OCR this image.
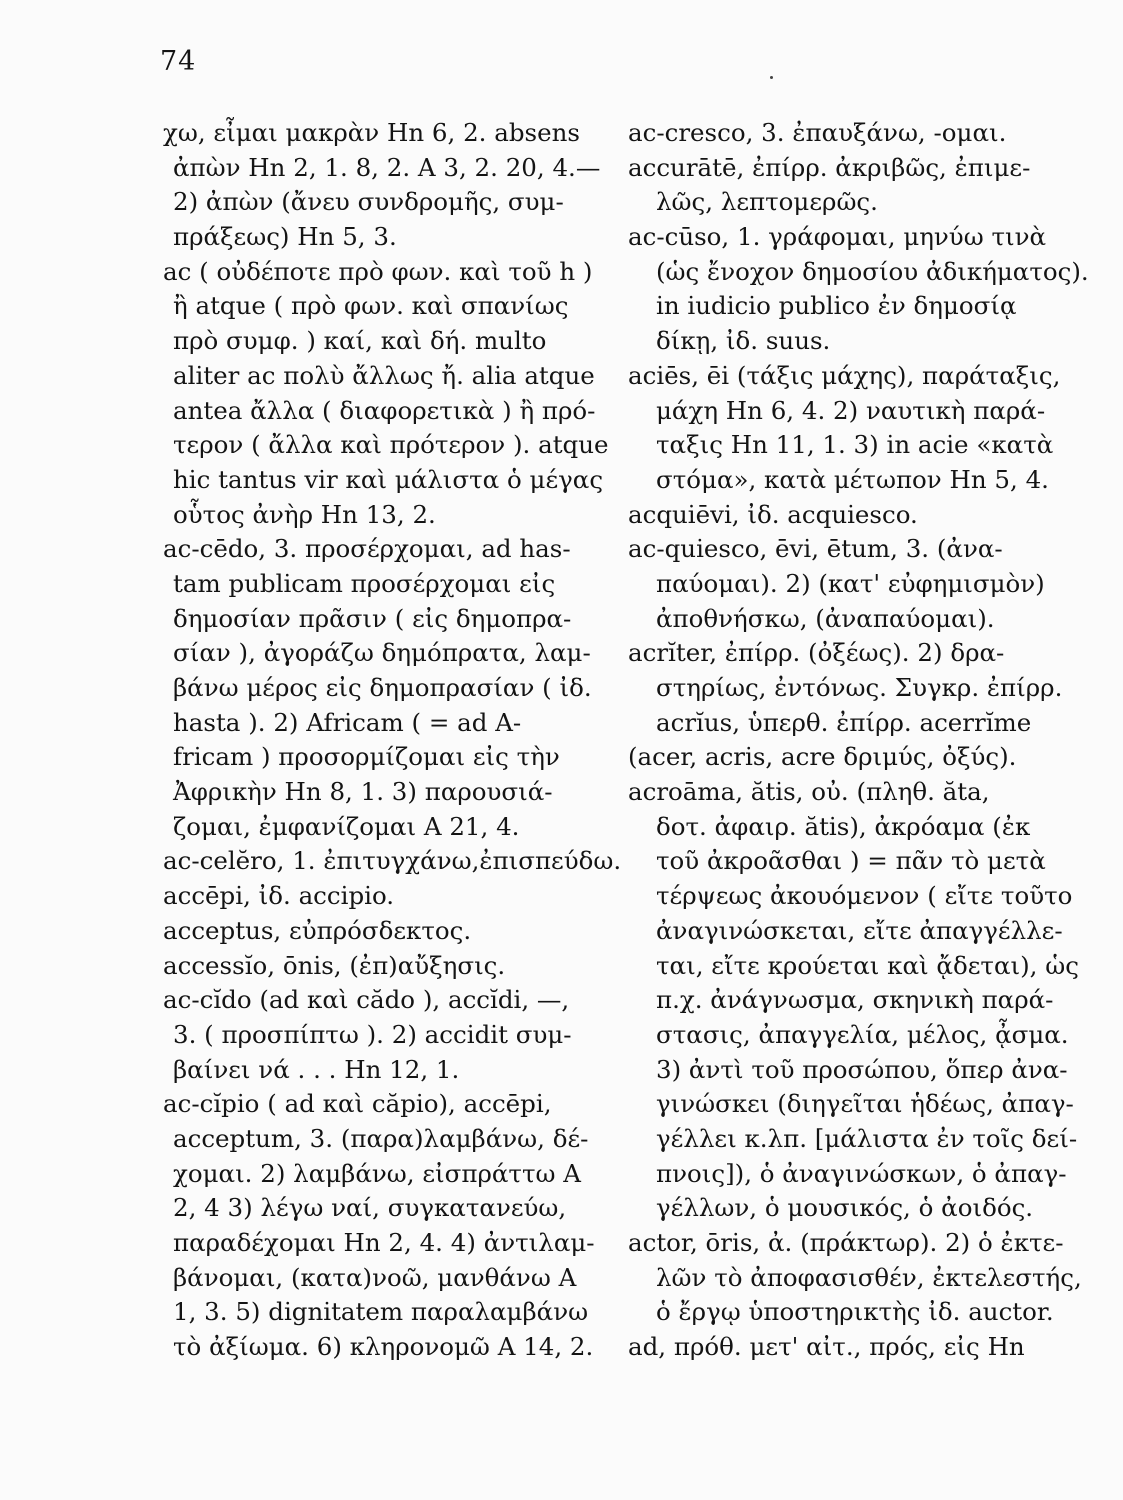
74
χω, εἶμαι μακρὰν Hn 6, 2. absens
ἀπὼν Hn 2, 1. 8, 2. A 3, 2. 20, 4.—
2) ἀπὼν (ἄνευ συνδρομῆς, συμ-
πράξεως) Hn 5, 3.
ac ( οὐδέποτε πρὸ φων. καὶ τοῦ h )
ἢ atque ( πρὸ φων. καὶ σπανίως
πρὸ συμφ. ) καί, καὶ δή. multo
aliter ac πολὺ ἄλλως ἤ. alia atque
antea ἄλλα ( διαφορετικὰ ) ἢ πρό-
τερον ( ἄλλα καὶ πρότερον ). atque
hic tantus vir καὶ μάλιστα ὁ μέγας
οὗτος ἀνὴρ Hn 13, 2.
ac-cēdo, 3. προσέρχομαι, ad has-
tam publicam προσέρχομαι εἰς
δημοσίαν πρᾶσιν ( εἰς δημοπρα-
σίαν ), ἀγοράζω δημόπρατα, λαμ-
βάνω μέρος εἰς δημοπρασίαν ( ἰδ.
hasta ). 2) Africam ( = ad A-
fricam ) προσορμίζομαι εἰς τὴν
Ἀφρικὴν Hn 8, 1. 3) παρουσιά-
ζομαι, ἐμφανίζομαι A 21, 4.
ac-celĕro, 1. ἐπιτυγχάνω,ἐπισπεύδω.
accēpi, ἰδ. accipio.
acceptus, εὐπρόσδεκτος.
accessĭo, ōnis, (ἐπ)αὔξησις.
ac-cĭdo (ad καὶ cădo ), accĭdi, —,
3. ( προσπίπτω ). 2) accidit συμ-
βαίνει νά . . . Hn 12, 1.
ac-cĭpio ( ad καὶ căpio), accēpi,
acceptum, 3. (παρα)λαμβάνω, δέ-
χομαι. 2) λαμβάνω, εἰσπράττω A
2, 4 3) λέγω ναί, συγκατανεύω,
παραδέχομαι Hn 2, 4. 4) ἀντιλαμ-
βάνομαι, (κατα)νοῶ, μανθάνω A
1, 3. 5) dignitatem παραλαμβάνω
τὸ ἀξίωμα. 6) κληρονομῶ A 14, 2.
ac-cresco, 3. ἐπαυξάνω, -ομαι.
accurātē, ἐπίρρ. ἀκριβῶς, ἐπιμε-
λῶς, λεπτομερῶς.
ac-cūso, 1. γράφομαι, μηνύω τινὰ
(ὡς ἔνοχον δημοσίου ἀδικήματος).
in iudicio publico ἐν δημοσίᾳ
δίκῃ, ἰδ. suus.
aciēs, ēi (τάξις μάχης), παράταξις,
μάχη Hn 6, 4. 2) ναυτικὴ παρά-
ταξις Hn 11, 1. 3) in acie «κατὰ
στόμα», κατὰ μέτωπον Hn 5, 4.
acquiēvi, ἰδ. acquiesco.
ac-quiesco, ēvi, ētum, 3. (ἀνα-
παύομαι). 2) (κατ' εὐφημισμὸν)
ἀποθνήσκω, (ἀναπαύομαι).
acrĭter, ἐπίρρ. (ὀξέως). 2) δρα-
στηρίως, ἐντόνως. Συγκρ. ἐπίρρ.
acrĭus, ὑπερθ. ἐπίρρ. acerrĭme
(acer, acris, acre δριμύς, ὀξύς).
acroāma, ătis, οὐ. (πληθ. ăta,
δοτ. ἀφαιρ. ătis), ἀκρόαμα (ἐκ
τοῦ ἀκροᾶσθαι ) = πᾶν τὸ μετὰ
τέρψεως ἀκουόμενον ( εἴτε τοῦτο
ἀναγινώσκεται, εἴτε ἀπαγγέλλε-
ται, εἴτε κρούεται καὶ ᾄδεται), ὡς
π.χ. ἀνάγνωσμα, σκηνικὴ παρά-
στασις, ἀπαγγελία, μέλος, ᾆσμα.
3) ἀντὶ τοῦ προσώπου, ὅπερ ἀνα-
γινώσκει (διηγεῖται ἡδέως, ἀπαγ-
γέλλει κ.λπ. [μάλιστα ἐν τοῖς δεί-
πνοις]), ὁ ἀναγινώσκων, ὁ ἀπαγ-
γέλλων, ὁ μουσικός, ὁ ἀοιδός.
actor, ōris, ἀ. (πράκτωρ). 2) ὁ ἐκτε-
λῶν τὸ ἀποφασισθέν, ἐκτελεστής,
ὁ ἔργῳ ὑποστηρικτὴς ἰδ. auctor.
ad, πρόθ. μετ' αἰτ., πρός, εἰς Hn
